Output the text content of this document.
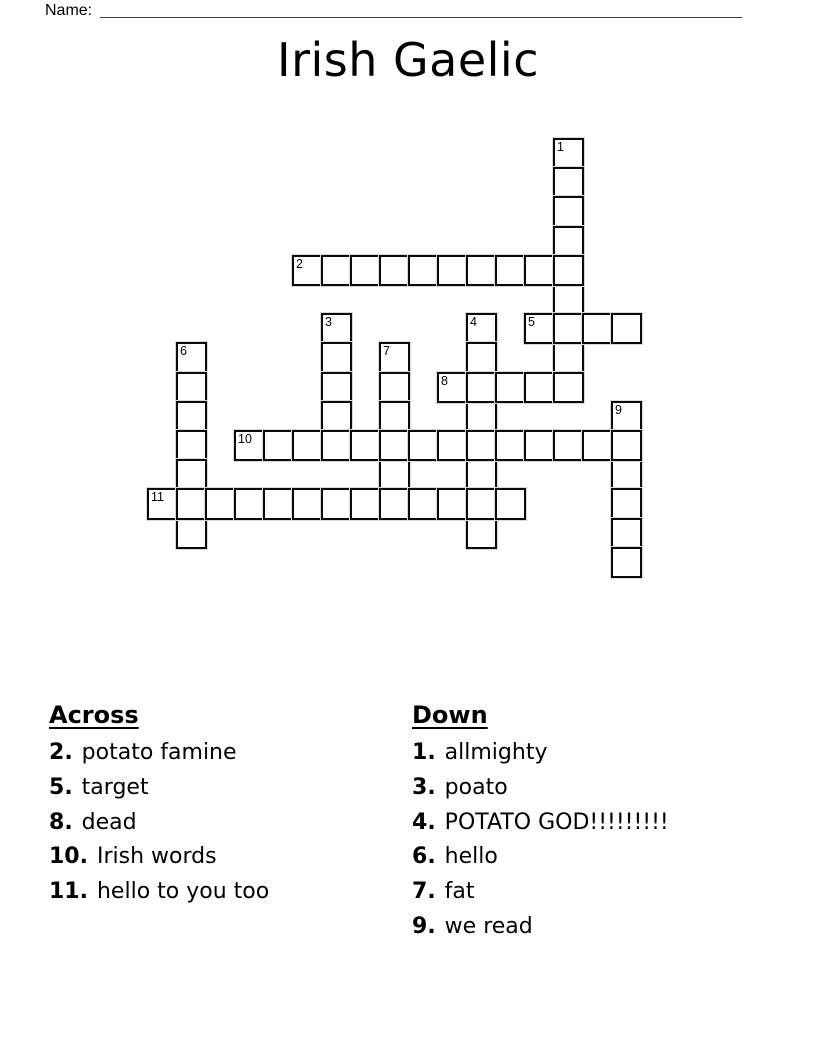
Name:
Irish Gaelic
1
2
3	4	5
6	7
8
9
10
11
Across
2 . potato famine
5 . target
8 . dead
10 . Irish words
11 . hello to you too
Down
1 . allmighty
3 . poato
4 . POTATO GOD!!!!!!!!!
6 . hello
7 . fat
9 . we read
